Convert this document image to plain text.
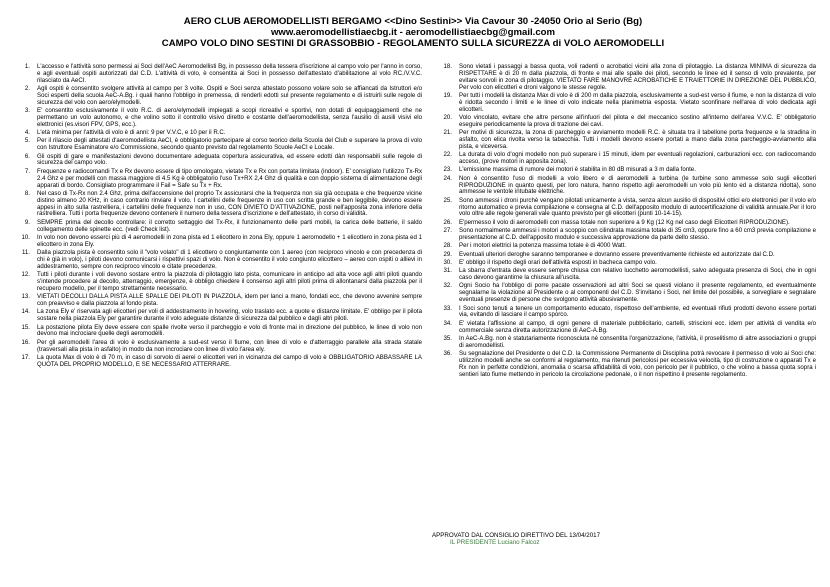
AERO CLUB AEROMODELLISTI BERGAMO <<Dino Sestini>> Via Cavour 30 -24050 Orio al Serio (Bg)
www.aeromodellistiaecbg.it - aeromodellistiaecbg@gmail.com
CAMPO VOLO DINO SESTINI DI GRASSOBBIO - REGOLAMENTO SULLA SICUREZZA di VOLO AEROMODELLI
1. L'accesso e l'attività sono permessi ai Soci dell'AeC Aeromodellisti Bg, in possesso della tessera d'iscrizione al campo volo per l'anno in corso, e agli eventuali ospiti autorizzati dal C.D. L'attività di volo, è consentita ai Soci in possesso dell'attestato d'abilitazione al volo RC./V.V.C. rilasciato da AeCI.
2. Agli ospiti è consentito svolgere attività al campo per 3 volte. Ospiti e Soci senza attestato possono volare solo se affiancati da Istruttori e/o Soci esperti della scuola AeC-A.Bg. i quali hanno l'obbligo in premessa, di renderli edotti sul presente regolamento e di istruirli sulle regole di sicurezza del volo con aero/elymodelli.
3. E' consentito esclusivamente il volo R.C. di aero/elymodelli impiegati a scopi ricreativi e sportivi, non dotati di equipaggiamenti che ne permettano un volo autonomo, e che volino sotto il controllo visivo diretto e costante dell'aeromodellista, senza l'ausilio di ausili visivi elo elettronici (es.visori FPV, GPS, ecc.).
4. L'età minima per l'attività di volo è di anni: 9 per V.V.C, e 10 per il R.C.
5. Per il rilascio degli attestati d'aeromodellista AeCI, è obbligatorio partecipare al corso teorico della Scuola del Club e superare la prova di volo con Istruttore Esaminatore e/o Commissione, secondo quanto previsto dal regolamento Scuole AeCI e Locale.
6. Gli ospiti di gare e manifestazioni devono documentare adeguata copertura assicurativa, ed essere edotti dàn responsabili sulle regole di sicurezza del campo volo.
7. Frequenze e radiocomandi Tx e Rx devono essere di tipo omologato, vietate Tx e Rx con portata limitata (indoor). E' consigliato l'utilizzo Tx-Rx 2.4 Ghz e per modelli con massa maggiore di 4.5 Kg è obbligatorio l'uso Tx+RX 2,4 Ghz di qualità e con doppio sistema di alimentazione degli apparati di bordo. Consigliato programmare il Fail = Safe su Tx + Rx.
8. Nel caso di Tx-Rx non 2.4 Ghz, prima dell'accensione del proprio Tx assicurarsi che la frequenza non sia già occupata e che frequenze vicine distino almeno 20 KHz, in caso contrario rinviare il volo. I cartellini delle frequenze in uso con scritta grande e ben leggibile, devono essere appesi in alto sulla rastrelliera, i cartellini delle frequenze non in uso, CON DIVIETO D'ATTIVAZIONE, posti nell'apposita zona inferiore della rastrelliera. Tutti i porta frequenze devono contenere il numero della tessera d'iscrizione e dell'attestato, in corso di validità.
9. SEMPRE prima del decollo controllare: il corretto settaggio del Tx-Rx, il funzionamento delle parti mobili, la carica delle batterie, il saldo collegamento delle spinette ecc. (vedi Check list).
10. In volo non devono esserci più di 4 aeromodelli in zona pista ed 1 elicottero in zona Ely, oppure 1 aeromodello + 1 elicottero in zona pista ed 1 elicottero in zona Ely.
11. Dalla piazzola pista è consentito solo il "volo volato" di 1 elicottero o congiuntamente con 1 aereo (con reciproco vincolo e con precedenza di chi è già in volo), i piloti devono comunicarsi i rispettivi spazi di volo. Non è consentito il volo congiunto elicottero – aereo con ospiti o allievi in addestramento, sempre con reciproco vincolo e citate precedenze.
12. Tutti i piloti durante i voli devono sostare entro la piazzola di pilotaggio lato pista, comunicare in anticipo ad alta voce agli altri piloti quando s'intende procedere al decollo, atterraggio, emergenze, è obbligo chiedere il consenso agli altri piloti prima di allontanarsi dalla piazzola per il recupero modello, per il tempo strettamente necessario.
13. VIETATI DECOLLI DALLA PISTA ALLE SPALLE DEI PILOTI IN PIAZZOLA, idem per lanci a mano, fondati ecc, che devono avvenire sempre con preavviso e dalla piazzola al fondo pista.
14. La zona Ely e' riservata agli elicotteri per voli di addestramento in hovering, volo traslato ecc. a quote e distanze limitate. E' obbligo per il pilota sostare nella piazzola Ely per garantire durante il volo adeguate distanze di sicurezza dal pubblico e dagli altri piloti.
15. La postazione pilota Ely deve essere con spalle rivolte verso il parcheggio e volo di fronte mai in direzione del pubblico, le linee di volo non devono mai incrociare quelle degli aeromodelli.
16. Per gli aeromodelli l'area di volo è esclusivamente a sud-est verso il fiume, con linee di volo e d'atterraggio parallele alla strada statale (trasversali alla pista in asfalto) in modo da non incrociare con linee di volo l'area ely.
17. La quota Max di volo è di 70 m, in caso di sorvolo di aerei o elicotteri veri in vicinanza del campo di volo è OBBLIGATORIO ABBASSARE LA QUOTA DEL PROPRIO MODELLO, E SE NECESSARIO ATTERRARE.
18. Sono vietati i passaggi a bassa quota, voli radenti o acrobatici vicini alla zona di pilotaggio. La distanza MINIMA di sicurezza da RISPETTARE è di 20 m dalla piazzola, di fronte e mai alle spalle dei piloti, secondo le linee ed il senso di volo prevalente, per evitare sorvoli in zona di pilotaggio. VIETATO FARE MANOVRE ACROBATICHE E TRAIETTORIE IN DIREZIONE DEL PUBBLICO, Per volo con elicotteri e droni valgono le stesse regole.
19. Per tutti i modelli la distanza Max di volo è di 200 m dalla piazzola, esclusivamente a sud-est verso il fiume, e non la distanza di volo è ridotta secondo i limiti e le linee di volo indicate nella planimetria esposta. Vietato sconfinare nell'area di volo dedicata agli elicotteri.
20. Volo vincolato, evitare che altre persone all'infuori del pilota e del meccanico sostino all'interno dell'area V.V.C. E' obbligatorio eseguire periodicamente la prova di trazione dei cavi.
21. Per motivi di sicurezza, la zona di parcheggio e avviamento modelli R.C. è situata tra il tabellone porta frequenze e la stradina in asfalto, con elica rivolta verso la tabacchia. Tutti i modelli devono essere portati a mano dalla zona parcheggio-avviamento alla pista, e viceversa.
22. La durata di volo d'ogni modello non può superare i 15 minuti, idem per eventuali regolazioni, carburazioni ecc. con radiocomando acceso, (prove motori in apposita zona).
23. L'emissione massima di rumore dei motori è stabilita in 80 dB misurati a 3 m dalla fonte.
24. Non è consentito l'uso di modelli a volo libero e di aeromodelli a turbina (le turbine sono ammesse solo sugli elicotteri RIPRODUZIONE in quanto questi, per loro natura, hanno rispetto agli aeromodelli un volo più lento ed a distanza ridotta), sono ammesse le ventole intubate elettriche.
25. Sono ammessi i droni purchè vengano pilotati unicamente a vista, senza alcun ausilio di dispositivi ottici e/o elettronici per il volo e/o ritorno automatico e previa compilazione e consegna al C.D. dell'apposito modulo di autocertificazione di validità annuale.Per il loro volo oltre alle regole generali vale quanto previsto per gli elicotteri (punti 10-14-15).
26. E'permesso il volo di aeromodelli con massa totale non superiore a 9 Kg (12 Kg nel caso degli Elicotteri RIPRODUZIONE).
27. Sono normalmente ammessi i motori a scoppio con cilindrata massima totale di 35 cm3, oppure fino a 60 cm3 previa compilazione e presentazione al C.D. dell'apposito modulo e successiva approvazione da parte dello stesso.
28. Per i motori elettrici la potenza massima totale è di 4000 Watt.
29. Eventuali ulteriori deroghe saranno temporanee e dovranno essere preventivamente richieste ed autorizzate dal C.D.
30. E' obbligo il rispetto degli orari dell'attività esposti in bacheca campo volo.
31. La sbarra d'entrata deve essere sempre chiusa con relativo lucchetto aeromodellisti, salvo adeguata presenza di Soci, che in ogni caso devono garantirne la chiusura all'uscita.
32. Ogni Socio ha l'obbligo di porre pacate osservazioni ad altri Soci se questi violano il presente regolamento, ed eventualmente segnalarne la violazione al Presidente o al componenti del C.D. S'invitano i Soci, nel limite del possibile, a sorvegliare e segnalare eventuali presenze di persone che svolgono attività abusivamente.
33. I Soci sono tenuti a tenere un comportamento educato, rispettoso dell'ambiente, ed eventuali rifiuti prodotti devono essere portati via, evitando di lasciare il campo sporco.
34. E' vietata l'affissione al campo, di ogni genere di materiale pubblicitario, cartelli, striscioni ecc. idem per attività di vendita e/o commerciale senza diretta autorizzazione di AeC-A.Bg.
35. In AeC-A.Bg. non è statutariamente riconosciuta né consentita l'organizzazione, l'attività, il proselitismo di altre associazioni o gruppi di aeromodellisti.
36. Su segnalazione del Presidente o del C.D. la Commissione Permanente di Disciplina potrà revocare il permesso di volo ai Soci che: utilizzino modelli anche se conformi al regolamento, ma ritenuti pericolosi per eccessiva velocità, tipo di costruzione o apparati Tx e Rx non in perfette condizioni, anomalia o scarsa affidabilità di volo, con pericolo per il pubblico, o che volino a bassa quota sopra i sentieri lato fiume mettendo in pericolo la circolazione pedonale, o il non rispettino il presente regolamento.
APPROVATO DAL CONSIGLIO DIRETTIVO DEL 13/04/2017
IL PRESIDENTE Luciano Falcoz
